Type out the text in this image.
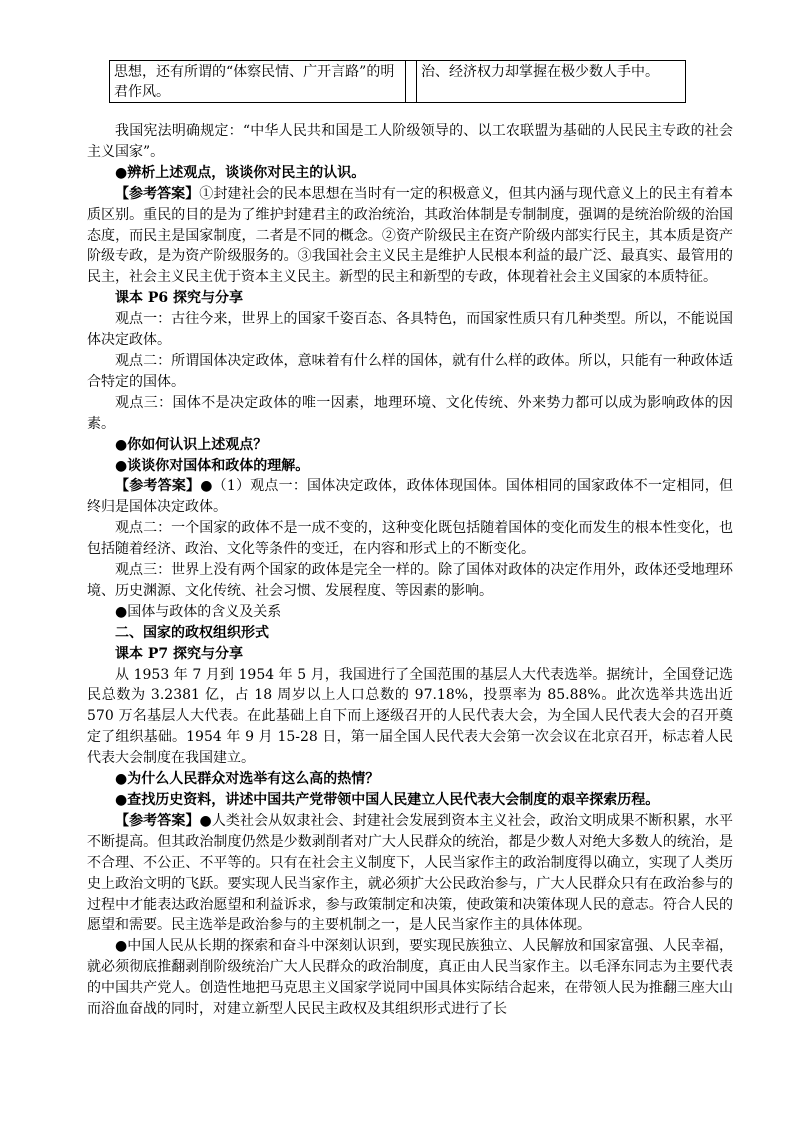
思想，还有所谓的“体察民情、广开言路”的明君作风。		治、经济权力却掌握在极少数人手中。

我国宪法明确规定：“中华人民共和国是工人阶级领导的、以工农联盟为基础的人民民主专政的社会主义国家”。

●辨析上述观点，谈谈你对民主的认识。

【参考答案】①封建社会的民本思想在当时有一定的积极意义，但其内涵与现代意义上的民主有着本质区别。重民的目的是为了维护封建君主的政治统治，其政治体制是专制制度，强调的是统治阶级的治国态度，而民主是国家制度，二者是不同的概念。②资产阶级民主在资产阶级内部实行民主，其本质是资产阶级专政，是为资产阶级服务的。③我国社会主义民主是维护人民根本利益的最广泛、最真实、最管用的民主，社会主义民主优于资本主义民主。新型的民主和新型的专政，体现着社会主义国家的本质特征。

课本 P6 探究与分享

观点一：古往今来，世界上的国家千姿百态、各具特色，而国家性质只有几种类型。所以，不能说国体决定政体。

观点二：所谓国体决定政体，意味着有什么样的国体，就有什么样的政体。所以，只能有一种政体适合特定的国体。

观点三：国体不是决定政体的唯一因素，地理环境、文化传统、外来势力都可以成为影响政体的因素。

●你如何认识上述观点？

●谈谈你对国体和政体的理解。

【参考答案】●（1）观点一：国体决定政体，政体体现国体。国体相同的国家政体不一定相同，但终归是国体决定政体。

观点二：一个国家的政体不是一成不变的，这种变化既包括随着国体的变化而发生的根本性变化，也包括随着经济、政治、文化等条件的变迁，在内容和形式上的不断变化。

观点三：世界上没有两个国家的政体是完全一样的。除了国体对政体的决定作用外，政体还受地理环境、历史渊源、文化传统、社会习惯、发展程度、等因素的影响。

●国体与政体的含义及关系

二、国家的政权组织形式

课本 P7 探究与分享

从 1953 年 7 月到 1954 年 5 月，我国进行了全国范围的基层人大代表选举。据统计，全国登记选民总数为 3.2381 亿，占 18 周岁以上人口总数的 97.18%，投票率为 85.88%。此次选举共选出近 570 万名基层人大代表。在此基础上自下而上逐级召开的人民代表大会，为全国人民代表大会的召开奠定了组织基础。1954 年 9 月 15-28 日，第一届全国人民代表大会第一次会议在北京召开，标志着人民代表大会制度在我国建立。

●为什么人民群众对选举有这么高的热情？

●查找历史资料，讲述中国共产党带领中国人民建立人民代表大会制度的艰辛探索历程。

【参考答案】●人类社会从奴隶社会、封建社会发展到资本主义社会，政治文明成果不断积累，水平不断提高。但其政治制度仍然是少数剥削者对广大人民群众的统治，都是少数人对绝大多数人的统治，是不合理、不公正、不平等的。只有在社会主义制度下，人民当家作主的政治制度得以确立，实现了人类历史上政治文明的飞跃。要实现人民当家作主，就必须扩大公民政治参与，广大人民群众只有在政治参与的过程中才能表达政治愿望和利益诉求，参与政策制定和决策，使政策和决策体现人民的意志。符合人民的愿望和需要。民主选举是政治参与的主要机制之一，是人民当家作主的具体体现。

●中国人民从长期的探索和奋斗中深刻认识到，要实现民族独立、人民解放和国家富强、人民幸福，就必须彻底推翻剥削阶级统治广大人民群众的政治制度，真正由人民当家作主。以毛泽东同志为主要代表的中国共产党人。创造性地把马克思主义国家学说同中国具体实际结合起来，在带领人民为推翻三座大山而浴血奋战的同时，对建立新型人民民主政权及其组织形式进行了长
